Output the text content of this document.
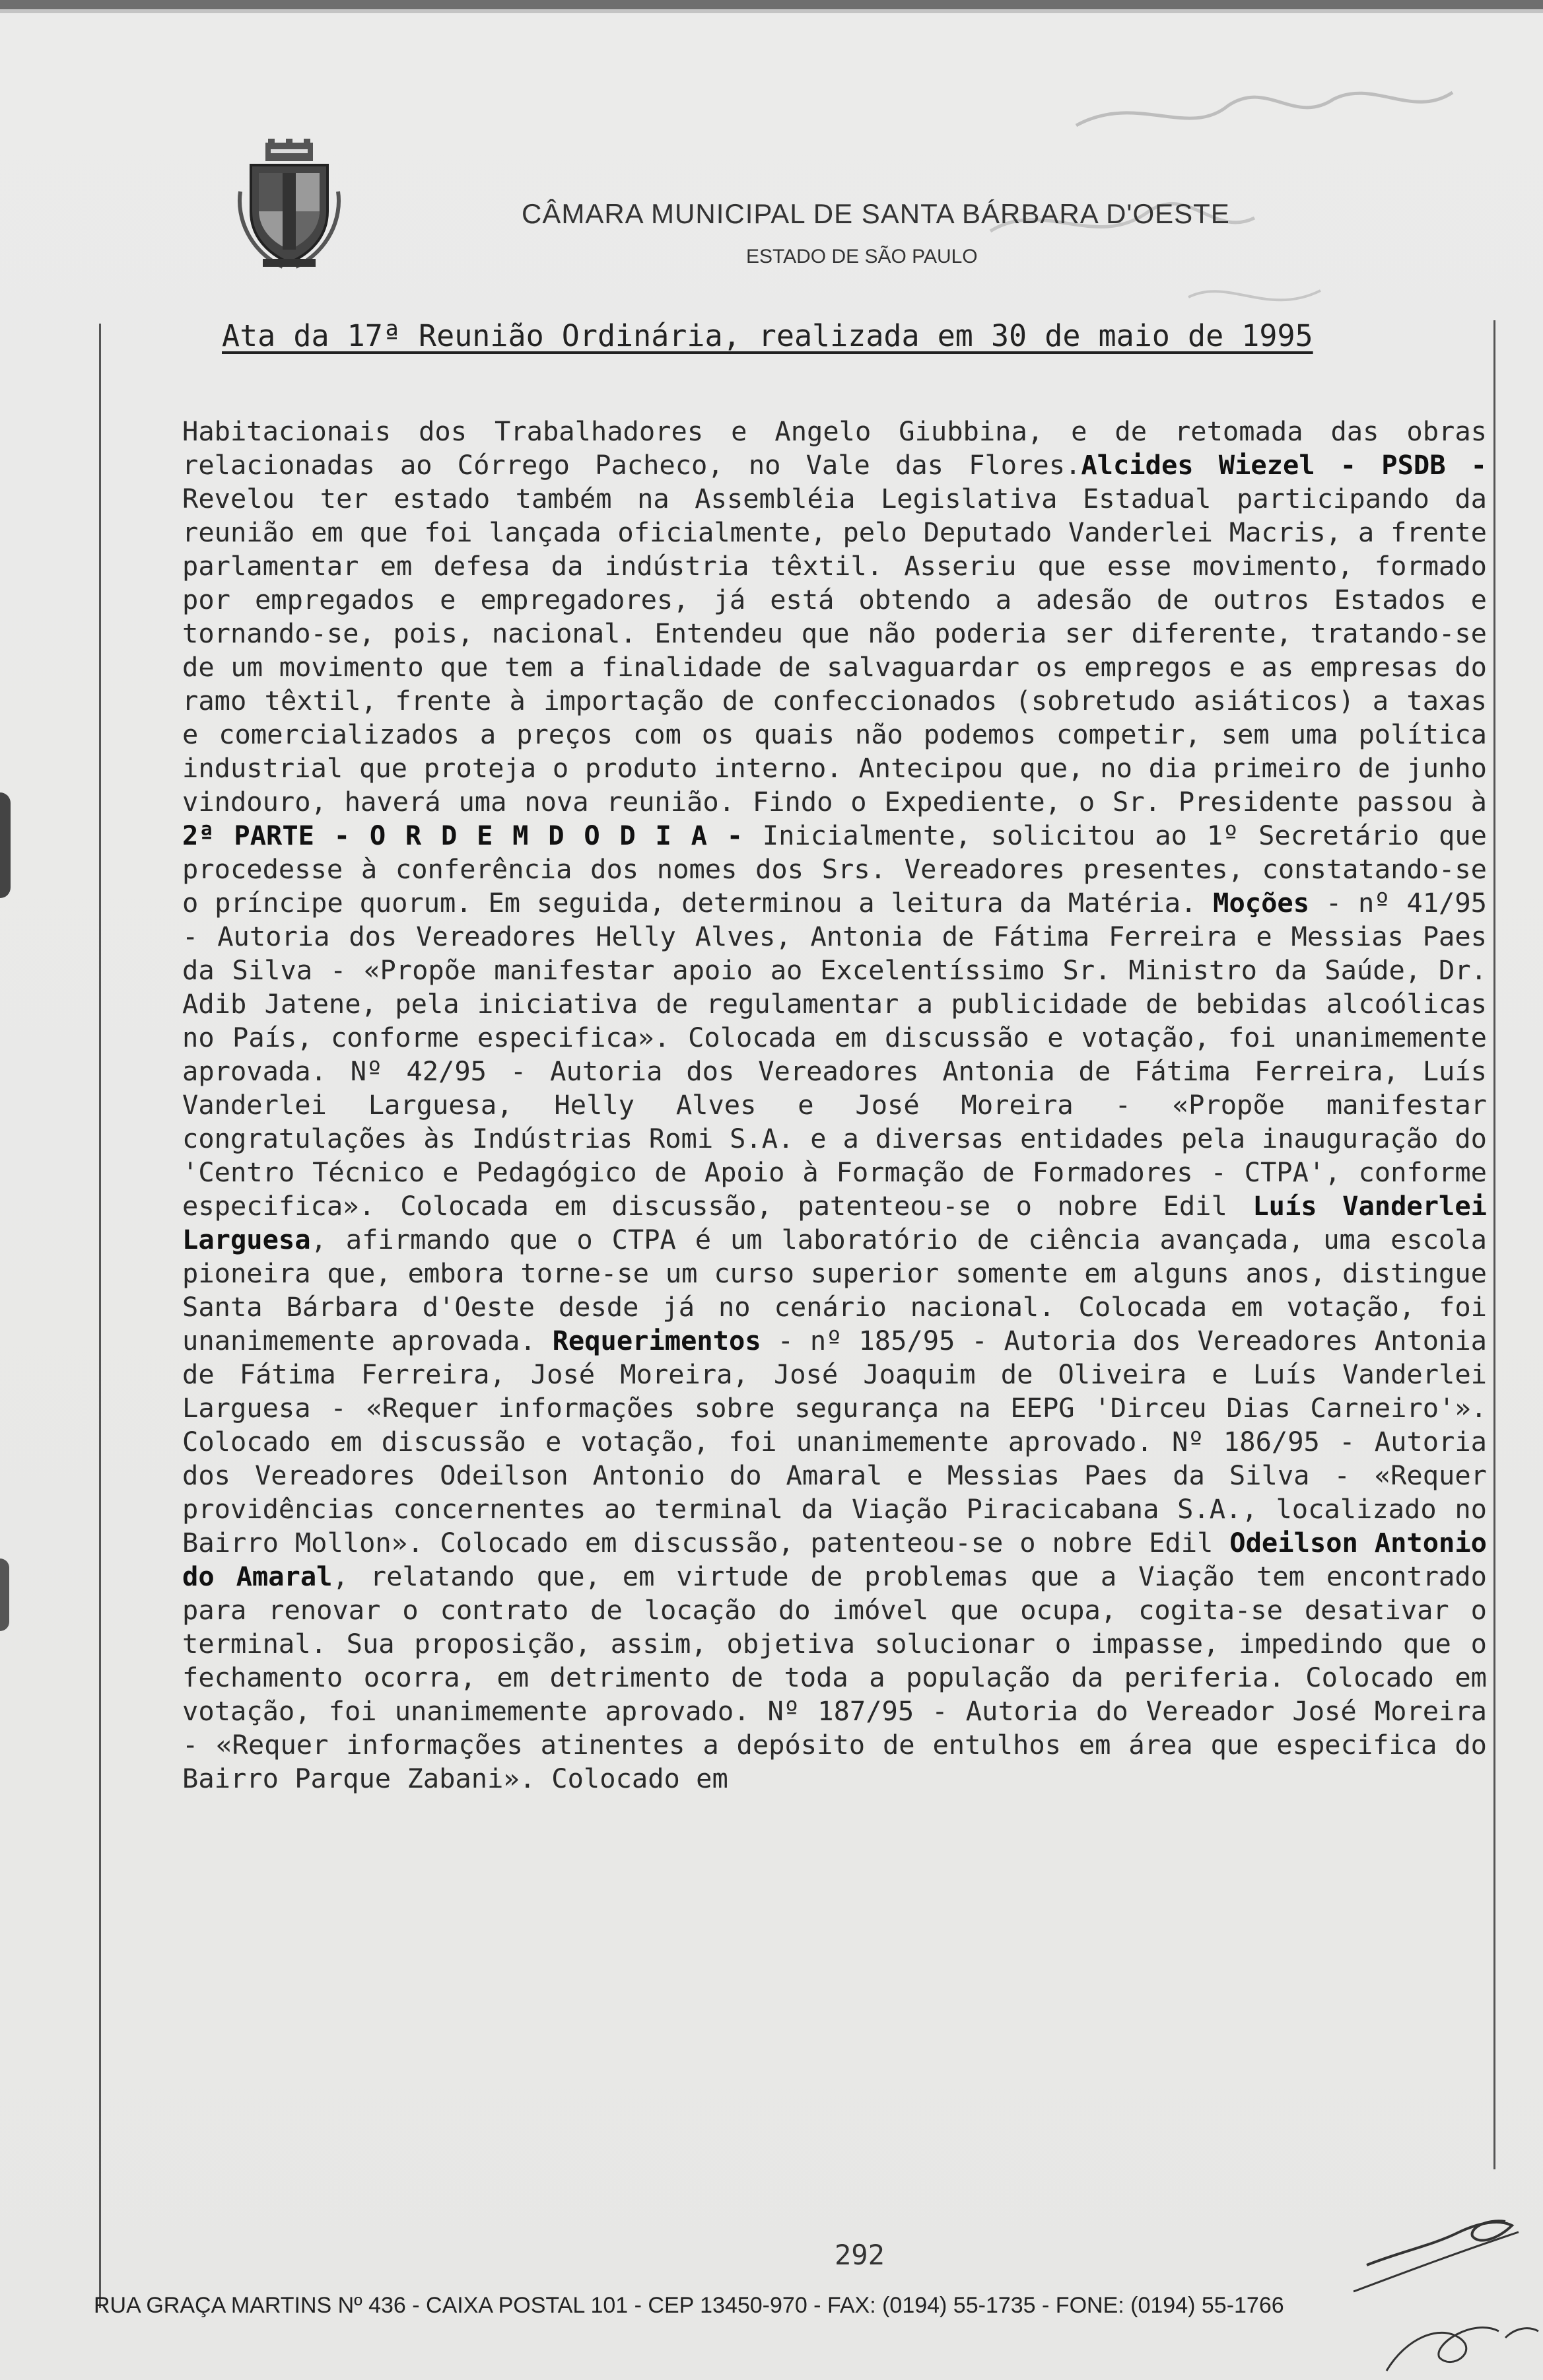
CÂMARA MUNICIPAL DE SANTA BÁRBARA D'OESTE
ESTADO DE SÃO PAULO
Ata da 17ª Reunião Ordinária, realizada em 30 de maio de 1995
Habitacionais dos Trabalhadores e Angelo Giubbina, e de retomada das obras relacionadas ao Córrego Pacheco, no Vale das Flores.Alcides Wiezel - PSDB - Revelou ter estado também na Assembléia Legislativa Estadual participando da reunião em que foi lançada oficialmente, pelo Deputado Vanderlei Macris, a frente parlamentar em defesa da indústria têxtil. Asseriu que esse movimento, formado por empregados e empregadores, já está obtendo a adesão de outros Estados e tornando-se, pois, nacional. Entendeu que não poderia ser diferente, tratando-se de um movimento que tem a finalidade de salvaguardar os empregos e as empresas do ramo têxtil, frente à importação de confeccionados (sobretudo asiáticos) a taxas e comercializados a preços com os quais não podemos competir, sem uma política industrial que proteja o produto interno. Antecipou que, no dia primeiro de junho vindouro, haverá uma nova reunião. Findo o Expediente, o Sr. Presidente passou à 2ª PARTE - O R D E M D O D I A - Inicialmente, solicitou ao 1º Secretário que procedesse à conferência dos nomes dos Srs. Vereadores presentes, constatando-se o príncipe quorum. Em seguida, determinou a leitura da Matéria. Moções - nº 41/95 - Autoria dos Vereadores Helly Alves, Antonia de Fátima Ferreira e Messias Paes da Silva - «Propõe manifestar apoio ao Excelentíssimo Sr. Ministro da Saúde, Dr. Adib Jatene, pela iniciativa de regulamentar a publicidade de bebidas alcoólicas no País, conforme especifica». Colocada em discussão e votação, foi unanimemente aprovada. Nº 42/95 - Autoria dos Vereadores Antonia de Fátima Ferreira, Luís Vanderlei Larguesa, Helly Alves e José Moreira - «Propõe manifestar congratulações às Indústrias Romi S.A. e a diversas entidades pela inauguração do 'Centro Técnico e Pedagógico de Apoio à Formação de Formadores - CTPA', conforme especifica». Colocada em discussão, patenteou-se o nobre Edil Luís Vanderlei Larguesa, afirmando que o CTPA é um laboratório de ciência avançada, uma escola pioneira que, embora torne-se um curso superior somente em alguns anos, distingue Santa Bárbara d'Oeste desde já no cenário nacional. Colocada em votação, foi unanimemente aprovada. Requerimentos - nº 185/95 - Autoria dos Vereadores Antonia de Fátima Ferreira, José Moreira, José Joaquim de Oliveira e Luís Vanderlei Larguesa - «Requer informações sobre segurança na EEPG 'Dirceu Dias Carneiro'». Colocado em discussão e votação, foi unanimemente aprovado. Nº 186/95 - Autoria dos Vereadores Odeilson Antonio do Amaral e Messias Paes da Silva - «Requer providências concernentes ao terminal da Viação Piracicabana S.A., localizado no Bairro Mollon». Colocado em discussão, patenteou-se o nobre Edil Odeilson Antonio do Amaral, relatando que, em virtude de problemas que a Viação tem encontrado para renovar o contrato de locação do imóvel que ocupa, cogita-se desativar o terminal. Sua proposição, assim, objetiva solucionar o impasse, impedindo que o fechamento ocorra, em detrimento de toda a população da periferia. Colocado em votação, foi unanimemente aprovado. Nº 187/95 - Autoria do Vereador José Moreira - «Requer informações atinentes a depósito de entulhos em área que especifica do Bairro Parque Zabani». Colocado em
292
RUA GRAÇA MARTINS Nº 436 - CAIXA POSTAL 101 - CEP 13450-970 - FAX: (0194) 55-1735 - FONE: (0194) 55-1766
